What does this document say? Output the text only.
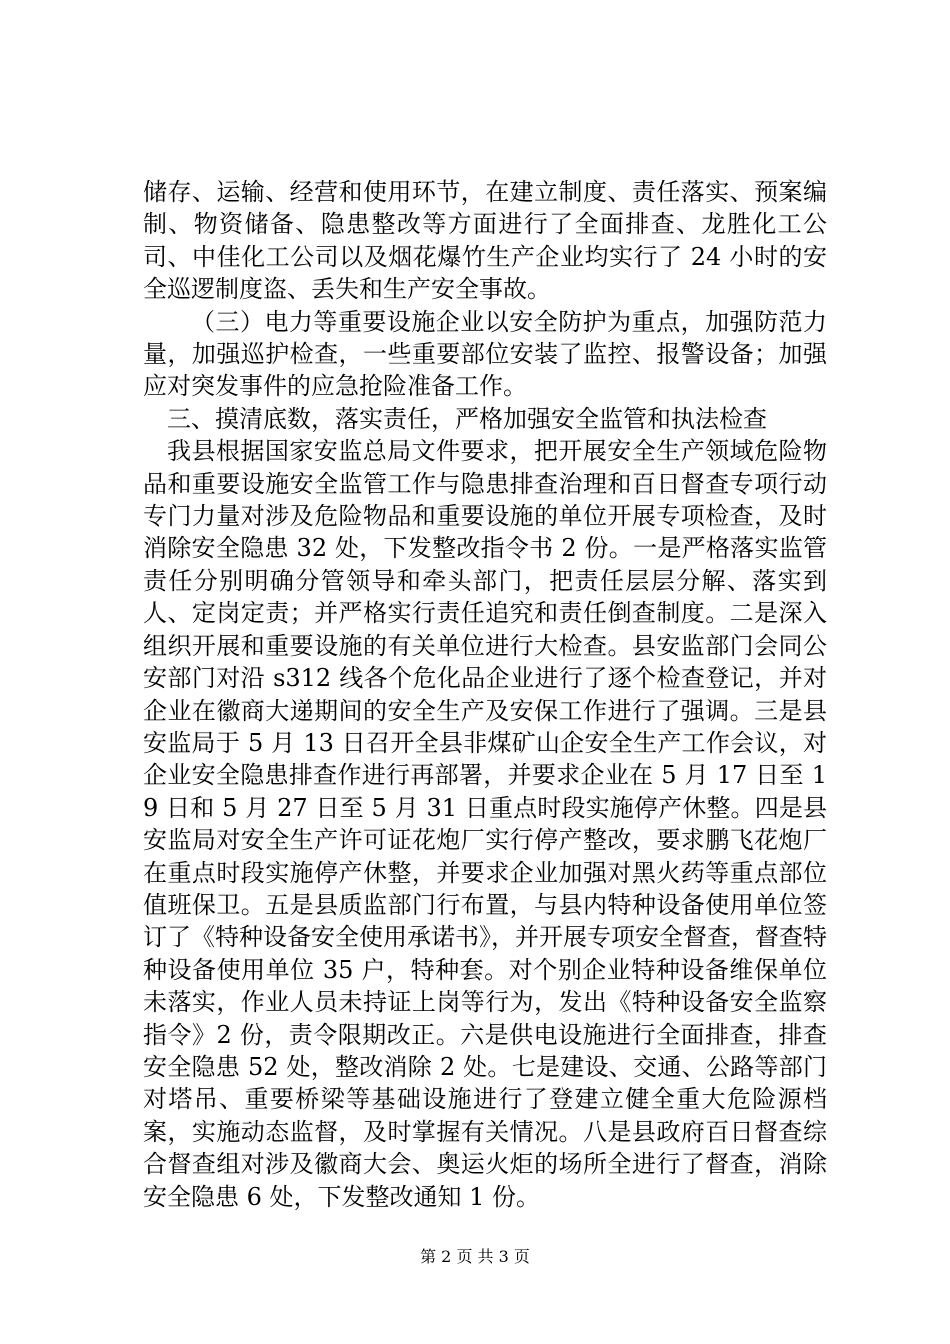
储存、运输、经营和使用环节，在建立制度、责任落实、预案编制、物资储备、隐患整改等方面进行了全面排查、龙胜化工公司、中佳化工公司以及烟花爆竹生产企业均实行了 24 小时的安全巡逻制度盗、丢失和生产安全事故。

（三）电力等重要设施企业以安全防护为重点，加强防范力量，加强巡护检查，一些重要部位安装了监控、报警设备；加强应对突发事件的应急抢险准备工作。

三、摸清底数，落实责任，严格加强安全监管和执法检查

我县根据国家安监总局文件要求，把开展安全生产领域危险物品和重要设施安全监管工作与隐患排查治理和百日督查专项行动专门力量对涉及危险物品和重要设施的单位开展专项检查，及时消除安全隐患 32 处，下发整改指令书 2 份。一是严格落实监管责任分别明确分管领导和牵头部门，把责任层层分解、落实到人、定岗定责；并严格实行责任追究和责任倒查制度。二是深入组织开展和重要设施的有关单位进行大检查。县安监部门会同公安部门对沿 s312 线各个危化品企业进行了逐个检查登记，并对企业在徽商大递期间的安全生产及安保工作进行了强调。三是县安监局于 5 月 13 日召开全县非煤矿山企安全生产工作会议，对企业安全隐患排查作进行再部署，并要求企业在 5 月 17 日至 19 日和 5 月 27 日至 5 月 31 日重点时段实施停产休整。四是县安监局对安全生产许可证花炮厂实行停产整改，要求鹏飞花炮厂在重点时段实施停产休整，并要求企业加强对黑火药等重点部位值班保卫。五是县质监部门行布置，与县内特种设备使用单位签订了《特种设备安全使用承诺书》，并开展专项安全督查，督查特种设备使用单位 35 户，特种套。对个别企业特种设备维保单位未落实，作业人员未持证上岗等行为，发出《特种设备安全监察指令》2 份，责令限期改正。六是供电设施进行全面排查，排查安全隐患 52 处，整改消除 2 处。七是建设、交通、公路等部门对塔吊、重要桥梁等基础设施进行了登建立健全重大危险源档案，实施动态监督，及时掌握有关情况。八是县政府百日督查综合督查组对涉及徽商大会、奥运火炬的场所全进行了督查，消除安全隐患 6 处，下发整改通知 1 份。

第 2 页 共 3 页
